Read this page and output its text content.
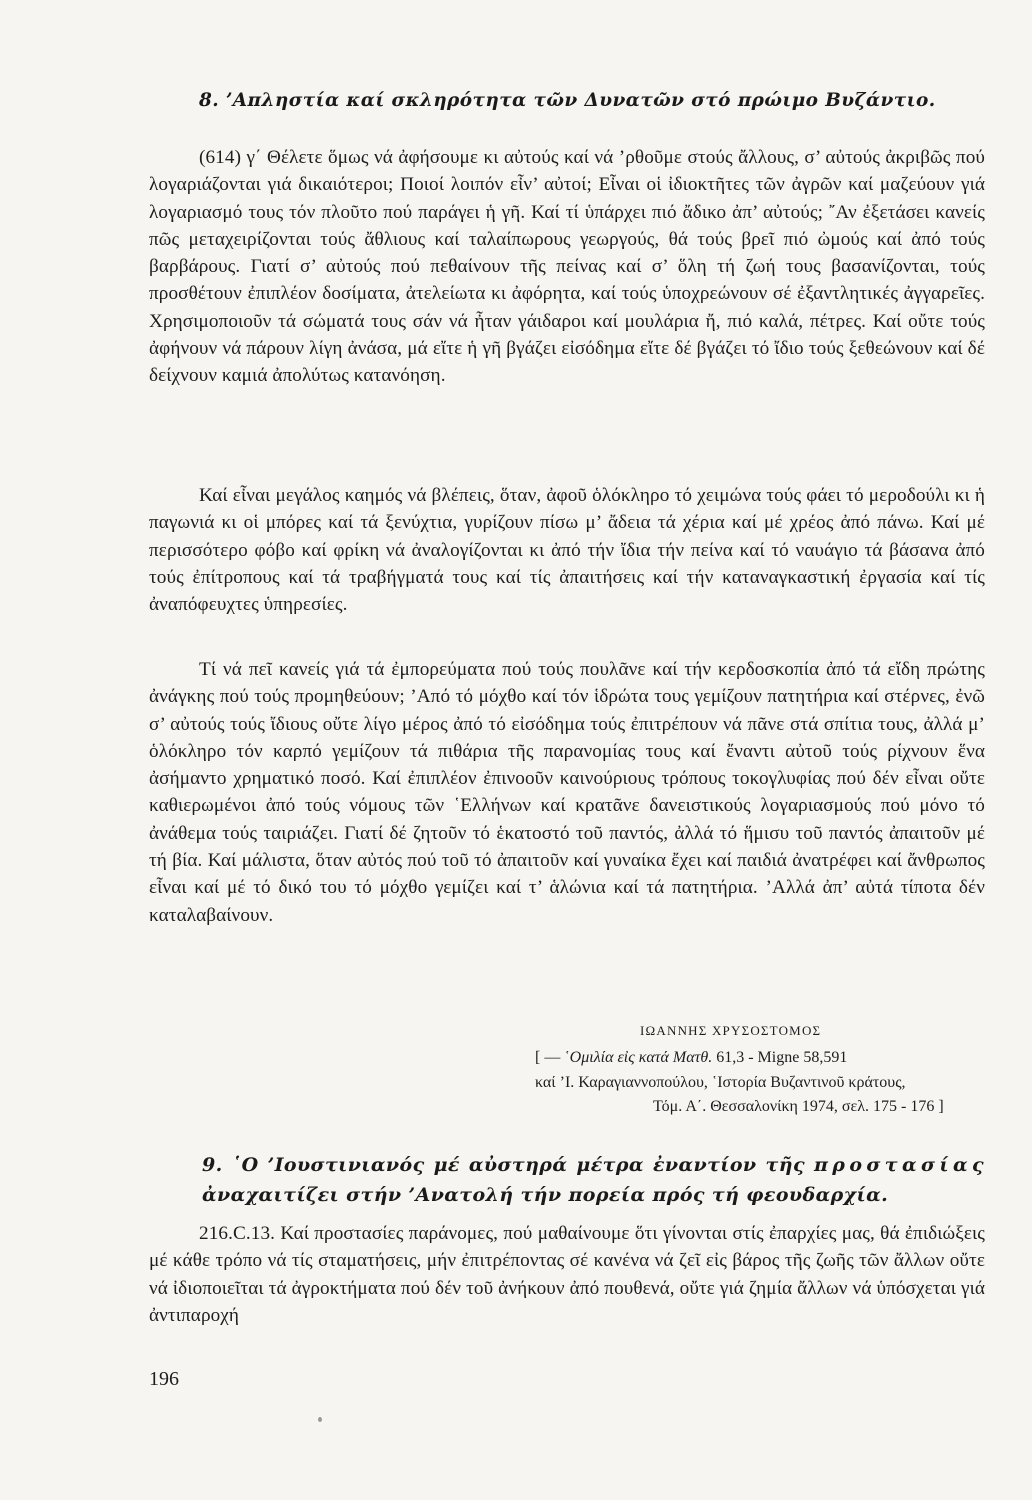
8. ’Απληστία καί σκληρότητα τῶν Δυνατῶν στό πρώιμο Βυζάντιο.

(614) γ΄ Θέλετε ὅμως νά ἀφήσουμε κι αὐτούς καί νά ’ρθοῦμε στούς ἄλλους, σ’ αὐτούς ἀκριβῶς πού λογαριάζονται γιά δικαιότεροι; Ποιοί λοιπόν εἶν’ αὐτοί; Εἶναι οἱ ἰδιοκτῆτες τῶν ἀγρῶν καί μαζεύουν γιά λογαριασμό τους τόν πλοῦτο πού παράγει ἡ γῆ. Καί τί ὑπάρχει πιό ἄδικο ἀπ’ αὐτούς; ῎Αν ἐξετάσει κανείς πῶς μεταχειρίζονται τούς ἄθλιους καί ταλαίπωρους γεωργούς, θά τούς βρεῖ πιό ὠμούς καί ἀπό τούς βαρβάρους. Γιατί σ’ αὐτούς πού πεθαίνουν τῆς πείνας καί σ’ ὅλη τή ζωή τους βασανίζονται, τούς προσθέτουν ἐπιπλέον δοσίματα, ἀτελείωτα κι ἀφόρητα, καί τούς ὑποχρεώνουν σέ ἐξαντλητικές ἀγγαρεῖες. Χρησιμοποιοῦν τά σώματά τους σάν νά ἦταν γάιδαροι καί μουλάρια ἤ, πιό καλά, πέτρες. Καί οὔτε τούς ἀφήνουν νά πάρουν λίγη ἀνάσα, μά εἴτε ἡ γῆ βγάζει εἰσόδημα εἴτε δέ βγάζει τό ἴδιο τούς ξεθεώνουν καί δέ δείχνουν καμιά ἀπολύτως κατανόηση.

Καί εἶναι μεγάλος καημός νά βλέπεις, ὅταν, ἀφοῦ ὁλόκληρο τό χειμώνα τούς φάει τό μεροδούλι κι ἡ παγωνιά κι οἱ μπόρες καί τά ξενύχτια, γυρίζουν πίσω μ’ ἄδεια τά χέρια καί μέ χρέος ἀπό πάνω. Καί μέ περισσότερο φόβο καί φρίκη νά ἀναλογίζονται κι ἀπό τήν ἴδια τήν πείνα καί τό ναυάγιο τά βάσανα ἀπό τούς ἐπίτροπους καί τά τραβήγματά τους καί τίς ἀπαιτήσεις καί τήν καταναγκαστική ἐργασία καί τίς ἀναπόφευχτες ὑπηρεσίες.

Τί νά πεῖ κανείς γιά τά ἐμπορεύματα πού τούς πουλᾶνε καί τήν κερδοσκοπία ἀπό τά εἴδη πρώτης ἀνάγκης πού τούς προμηθεύουν; ’Από τό μόχθο καί τόν ἱδρώτα τους γεμίζουν πατητήρια καί στέρνες, ἐνῶ σ’ αὐτούς τούς ἴδιους οὔτε λίγο μέρος ἀπό τό εἰσόδημα τούς ἐπιτρέπουν νά πᾶνε στά σπίτια τους, ἀλλά μ’ ὁλόκληρο τόν καρπό γεμίζουν τά πιθάρια τῆς παρανομίας τους καί ἔναντι αὐτοῦ τούς ρίχνουν ἕνα ἀσήμαντο χρηματικό ποσό. Καί ἐπιπλέον ἐπινοοῦν καινούριους τρόπους τοκογλυφίας πού δέν εἶναι οὔτε καθιερωμένοι ἀπό τούς νόμους τῶν ῾Ελλήνων καί κρατᾶνε δανειστικούς λογαριασμούς πού μόνο τό ἀνάθεμα τούς ταιριάζει. Γιατί δέ ζητοῦν τό ἑκατοστό τοῦ παντός, ἀλλά τό ἥμισυ τοῦ παντός ἀπαιτοῦν μέ τή βία. Καί μάλιστα, ὅταν αὐτός πού τοῦ τό ἀπαιτοῦν καί γυναίκα ἔχει καί παιδιά ἀνατρέφει καί ἄνθρωπος εἶναι καί μέ τό δικό του τό μόχθο γεμίζει καί τ’ ἁλώνια καί τά πατητήρια. ’Αλλά ἀπ’ αὐτά τίποτα δέν καταλαβαίνουν.

ΙΩΑΝΝΗΣ ΧΡΥΣΟΣΤΟΜΟΣ
[ — ῾Ομιλία εἰς κατά Ματθ. 61,3 - Migne 58,591
καί ’Ι. Καραγιαννοπούλου, ῾Ιστορία Βυζαντινοῦ κράτους,
Τόμ. Α΄. Θεσσαλονίκη 1974, σελ. 175 - 176 ]
9. ῾Ο ’Ιουστινιανός μέ αὐστηρά μέτρα ἐναντίον τῆς προστασίας ἀναχαιτίζει στήν ’Ανατολή τήν πορεία πρός τή φεουδαρχία.

216.C.13. Καί προστασίες παράνομες, πού μαθαίνουμε ὅτι γίνονται στίς ἐπαρχίες μας, θά ἐπιδιώξεις μέ κάθε τρόπο νά τίς σταματήσεις, μήν ἐπιτρέποντας σέ κανένα νά ζεῖ εἰς βάρος τῆς ζωῆς τῶν ἄλλων οὔτε νά ἰδιοποιεῖται τά ἀγροκτήματα πού δέν τοῦ ἀνήκουν ἀπό πουθενά, οὔτε γιά ζημία ἄλλων νά ὑπόσχεται γιά ἀντιπαροχή

196
